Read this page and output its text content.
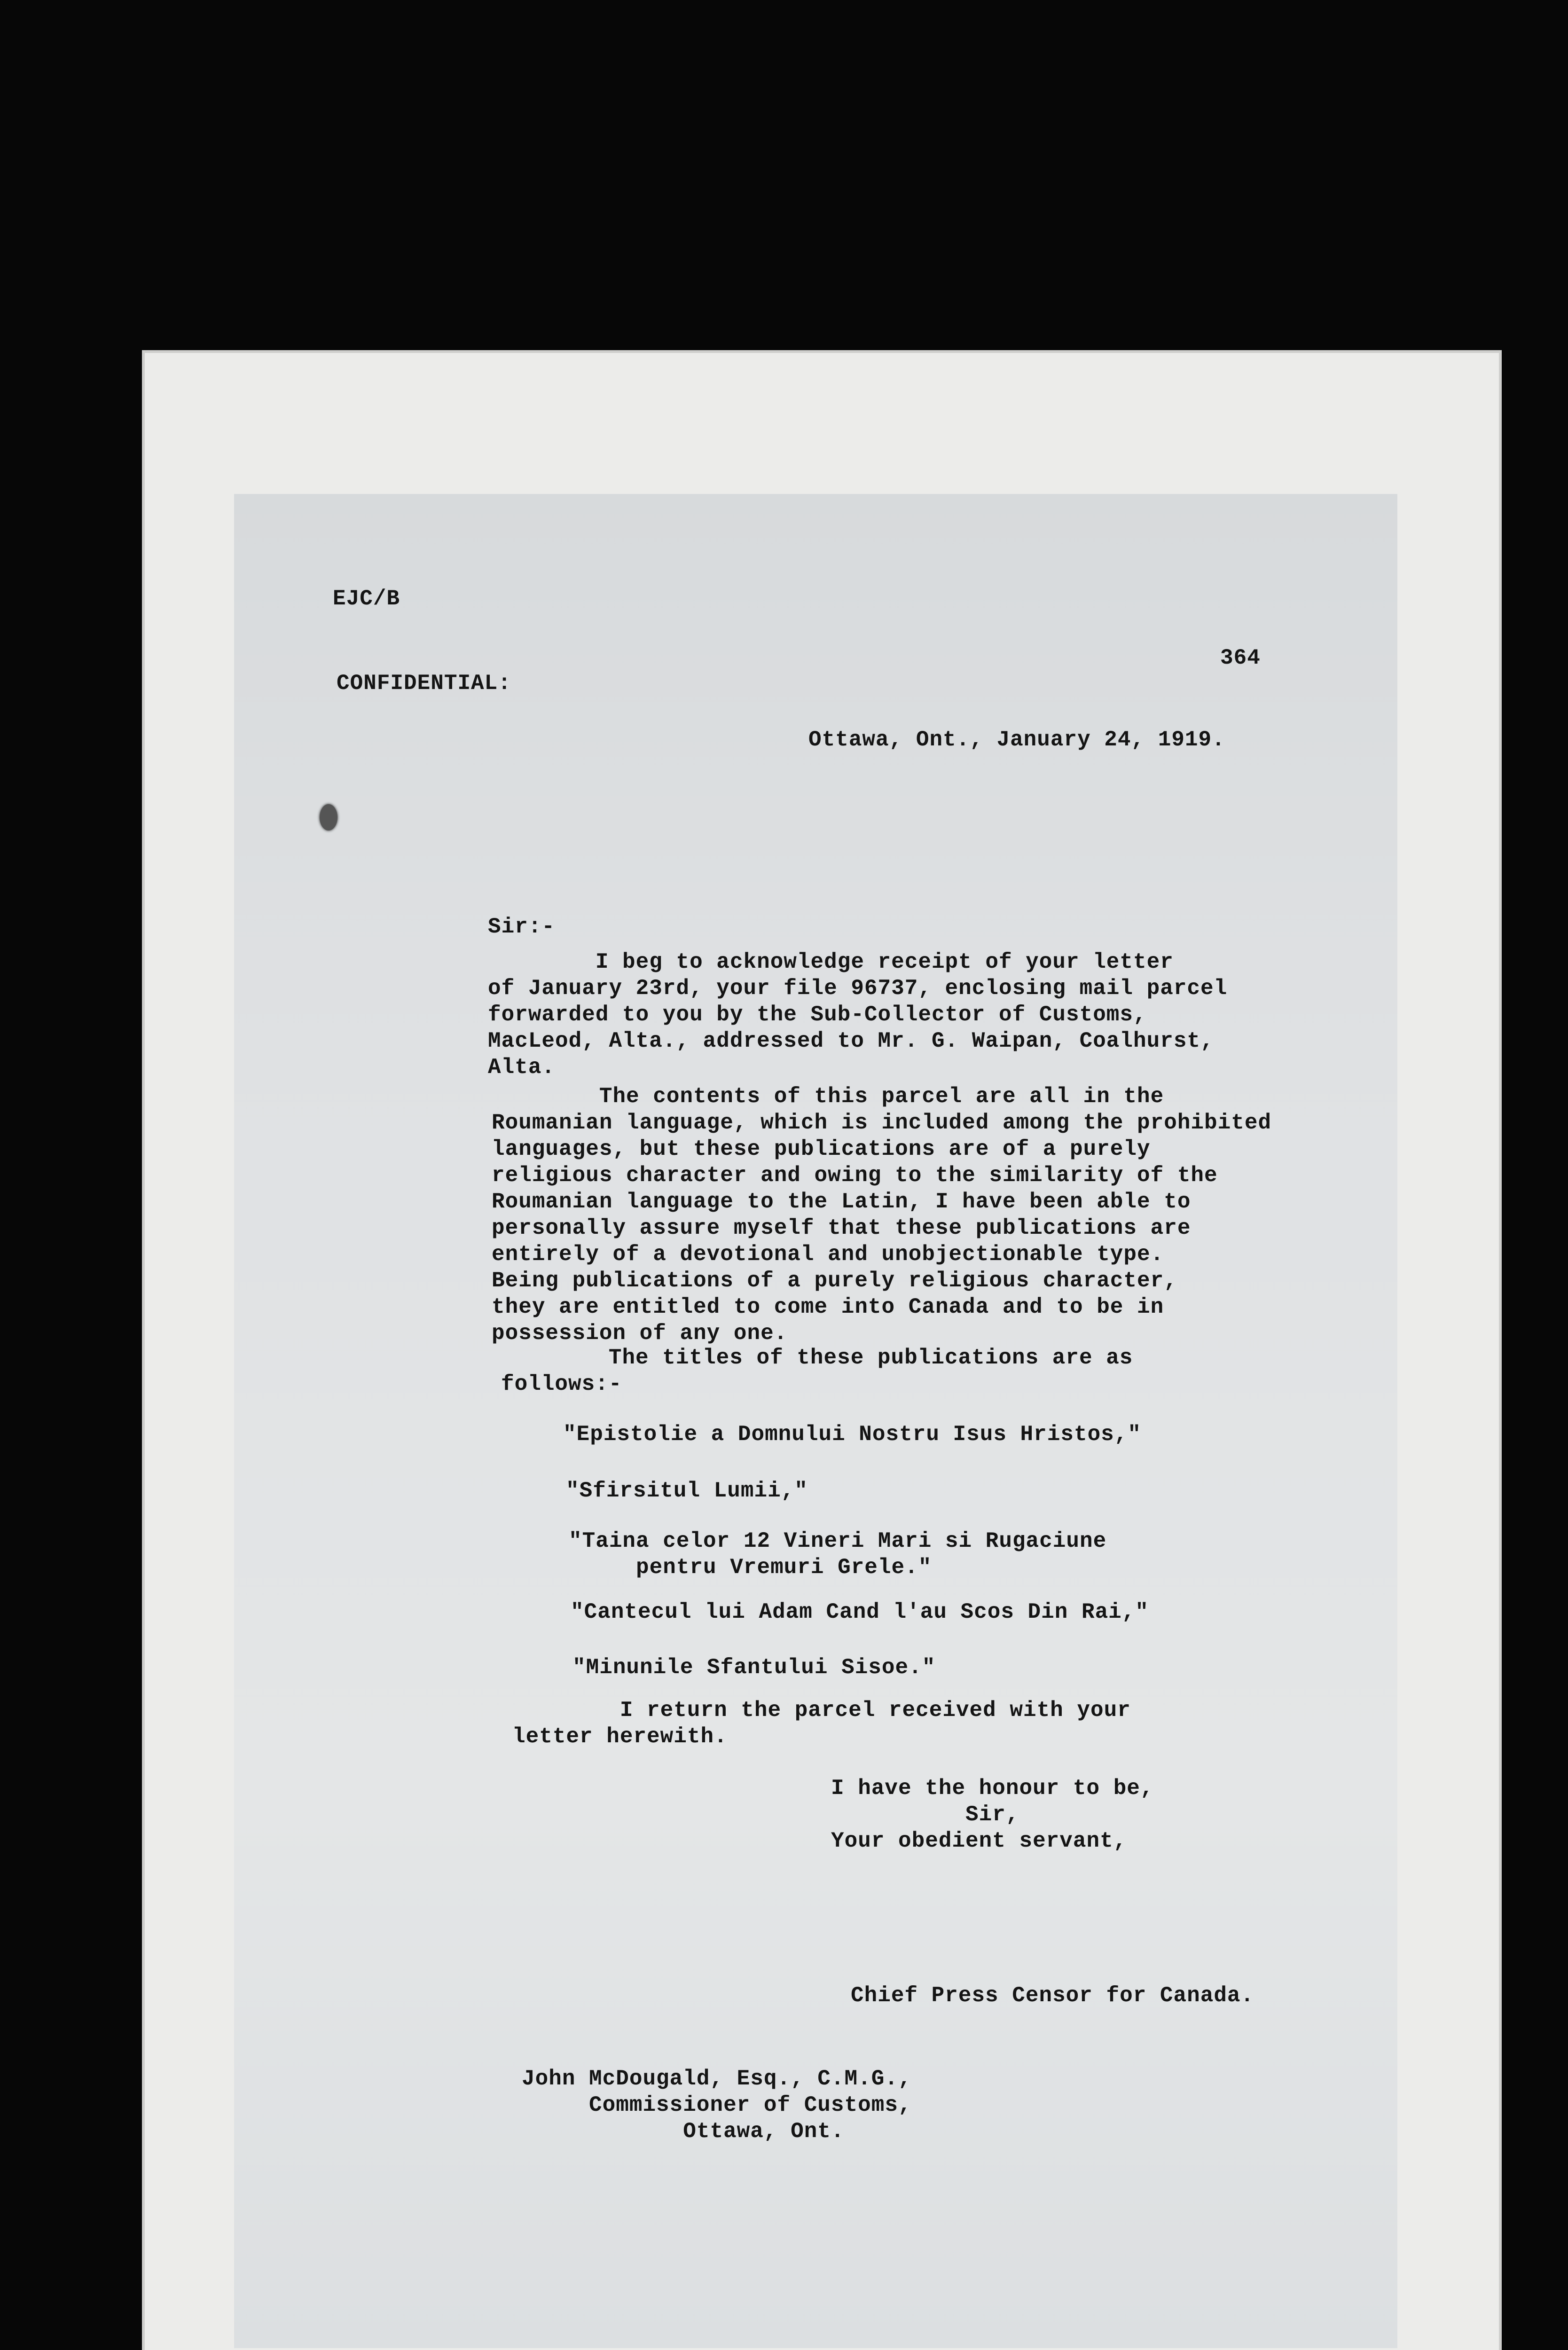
EJC/B
CONFIDENTIAL:
364
Ottawa, Ont., January 24, 1919.
Sir:-
I beg to acknowledge receipt of your letter
of January 23rd, your file 96737, enclosing mail parcel
forwarded to you by the Sub-Collector of Customs,
MacLeod, Alta., addressed to Mr. G. Waipan, Coalhurst,
Alta.
The contents of this parcel are all in the
Roumanian language, which is included among the prohibited
languages, but these publications are of a purely
religious character and owing to the similarity of the
Roumanian language to the Latin, I have been able to
personally assure myself that these publications are
entirely of a devotional and unobjectionable type.
Being publications of a purely religious character,
they are entitled to come into Canada and to be in
possession of any one.
The titles of these publications are as
follows:-
"Epistolie a Domnului Nostru Isus Hristos,"
"Sfirsitul Lumii,"
"Taina celor 12 Vineri Mari si Rugaciune
pentru Vremuri Grele."
"Cantecul lui Adam Cand l'au Scos Din Rai,"
"Minunile Sfantului Sisoe."
I return the parcel received with your
letter herewith.
I have the honour to be,
Sir,
Your obedient servant,
Chief Press Censor for Canada.
John McDougald, Esq., C.M.G.,
Commissioner of Customs,
Ottawa, Ont.
